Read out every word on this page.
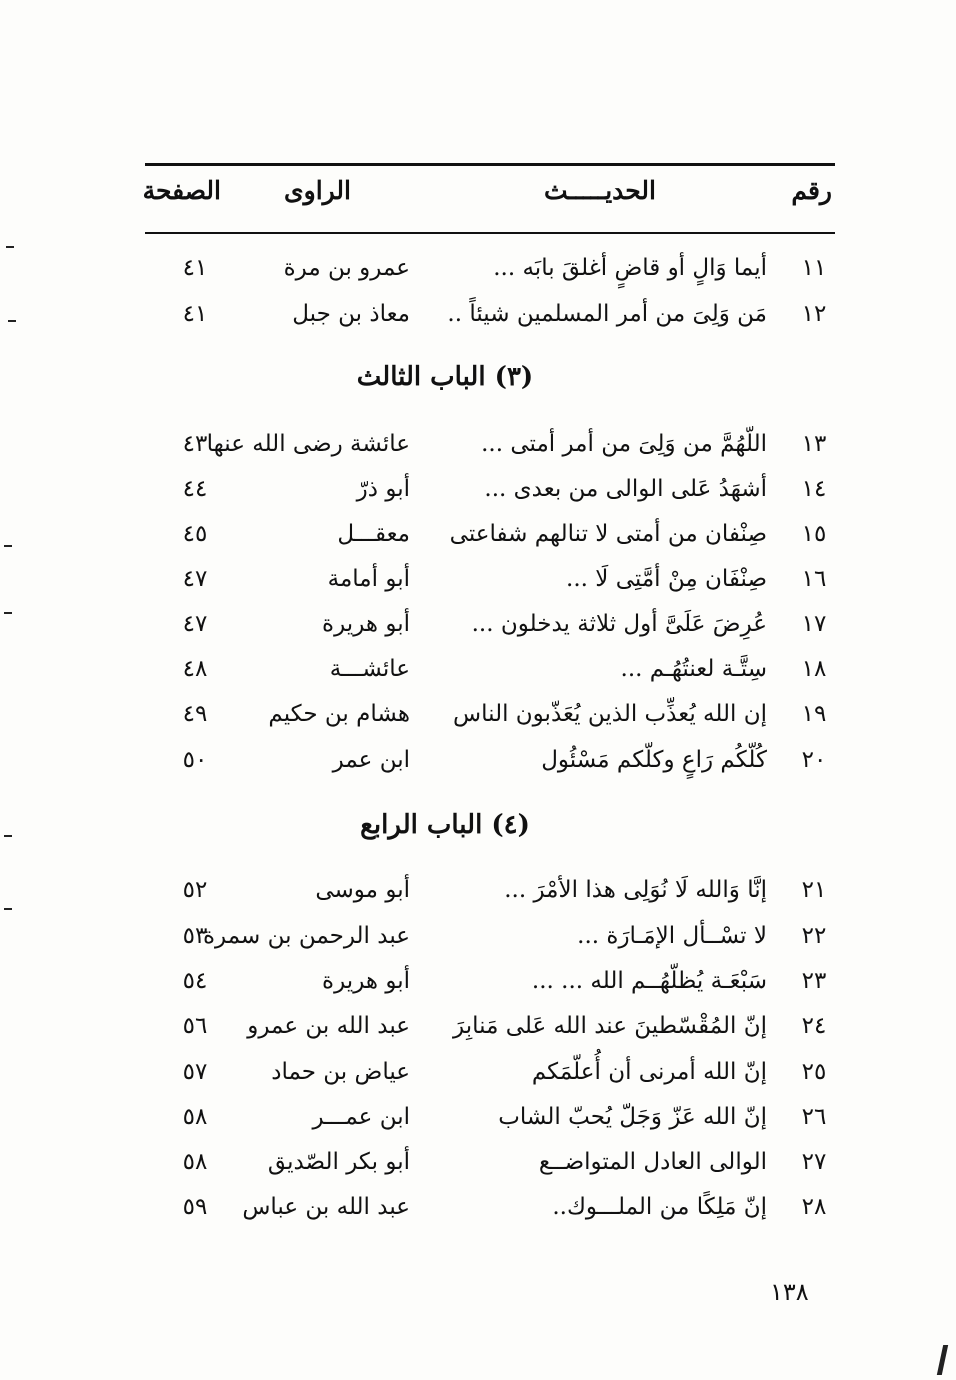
رقم
الحديـــــث
الراوى
الصفحة
١١
أيما وَالٍ أو قاضٍ أغلقَ بابَه ...
عمرو بن مرة
٤١
١٢
مَن وَلِىَ من أمر المسلمين شيئاً ..
معاذ بن جبل
٤١
(٣) الباب الثالث
١٣
اللّهُمَّ من وَلِىَ من أمر أمتى ...
عائشة رضى الله عنها
٤٣
١٤
أشهَدُ عَلى الوالى من بعدى ...
أبو ذرّ
٤٤
١٥
صِنْفان من أمتى لا تنالهم شفاعتى
معقـــل
٤٥
١٦
صِنْفَان مِنْ أمَّتِى لَا ...
أبو أمامة
٤٧
١٧
عُرِضَ عَلَىَّ أول ثلاثة يدخلون ...
أبو هريرة
٤٧
١٨
سِتَّـة لعنتُهُـم ...
عائشـــة
٤٨
١٩
إن الله يُعذِّب الذين يُعَذّبون الناس
هشام بن حكيم
٤٩
٢٠
كُلّكُم رَاعٍ وكلّكم مَسْئُول
ابن عمر
٥٠
(٤) الباب الرابع
٢١
إنَّا وَالله لَا نُوَلِى هذا الأمْرَ ...
أبو موسى
٥٢
٢٢
لا تسْــأل الإمَـارَة ...
عبد الرحمن بن سمرة
٥٣
٢٣
سَبْعَـة يُظلّهُــم الله ... ...
أبو هريرة
٥٤
٢٤
إنّ المُقْسّطينَ عند الله عَلى مَنابِرَ
عبد الله بن عمرو
٥٦
٢٥
إنّ الله أمرنى أن أُعلّمَكم
عياض بن حماد
٥٧
٢٦
إنّ الله عَزّ وَجَلّ يُحبّ الشاب
ابن عمـــر
٥٨
٢٧
الوالى العادل المتواضــع
أبو بكر الصّديق
٥٨
٢٨
إنّ مَلِكًا من الملـــوك..
عبد الله بن عباس
٥٩
١٣٨
